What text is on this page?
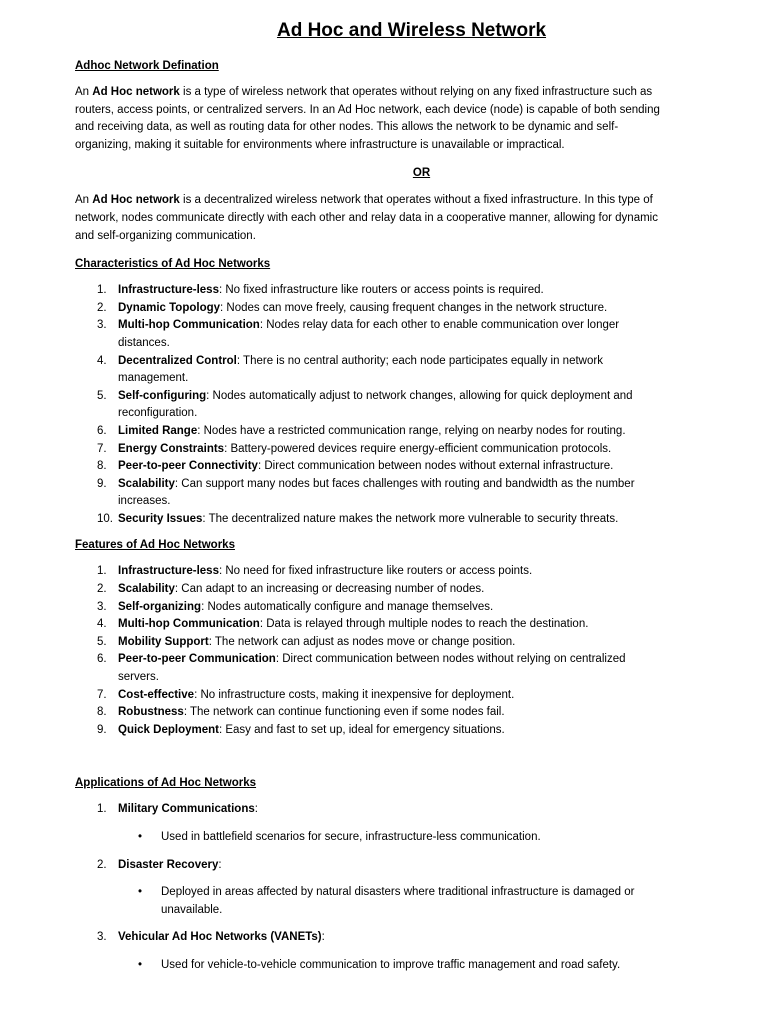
Ad Hoc and Wireless Network

Adhoc Network Defination

An Ad Hoc network is a type of wireless network that operates without relying on any fixed infrastructure such as routers, access points, or centralized servers. In an Ad Hoc network, each device (node) is capable of both sending and receiving data, as well as routing data for other nodes. This allows the network to be dynamic and self-organizing, making it suitable for environments where infrastructure is unavailable or impractical.

OR

An Ad Hoc network is a decentralized wireless network that operates without a fixed infrastructure. In this type of network, nodes communicate directly with each other and relay data in a cooperative manner, allowing for dynamic and self-organizing communication.

Characteristics of Ad Hoc Networks

1. Infrastructure-less: No fixed infrastructure like routers or access points is required.
2. Dynamic Topology: Nodes can move freely, causing frequent changes in the network structure.
3. Multi-hop Communication: Nodes relay data for each other to enable communication over longer distances.
4. Decentralized Control: There is no central authority; each node participates equally in network management.
5. Self-configuring: Nodes automatically adjust to network changes, allowing for quick deployment and reconfiguration.
6. Limited Range: Nodes have a restricted communication range, relying on nearby nodes for routing.
7. Energy Constraints: Battery-powered devices require energy-efficient communication protocols.
8. Peer-to-peer Connectivity: Direct communication between nodes without external infrastructure.
9. Scalability: Can support many nodes but faces challenges with routing and bandwidth as the number increases.
10. Security Issues: The decentralized nature makes the network more vulnerable to security threats.

Features of Ad Hoc Networks

1. Infrastructure-less: No need for fixed infrastructure like routers or access points.
2. Scalability: Can adapt to an increasing or decreasing number of nodes.
3. Self-organizing: Nodes automatically configure and manage themselves.
4. Multi-hop Communication: Data is relayed through multiple nodes to reach the destination.
5. Mobility Support: The network can adjust as nodes move or change position.
6. Peer-to-peer Communication: Direct communication between nodes without relying on centralized servers.
7. Cost-effective: No infrastructure costs, making it inexpensive for deployment.
8. Robustness: The network can continue functioning even if some nodes fail.
9. Quick Deployment: Easy and fast to set up, ideal for emergency situations.

Applications of Ad Hoc Networks

1. Military Communications:
• Used in battlefield scenarios for secure, infrastructure-less communication.
2. Disaster Recovery:
• Deployed in areas affected by natural disasters where traditional infrastructure is damaged or unavailable.
3. Vehicular Ad Hoc Networks (VANETs):
• Used for vehicle-to-vehicle communication to improve traffic management and road safety.
